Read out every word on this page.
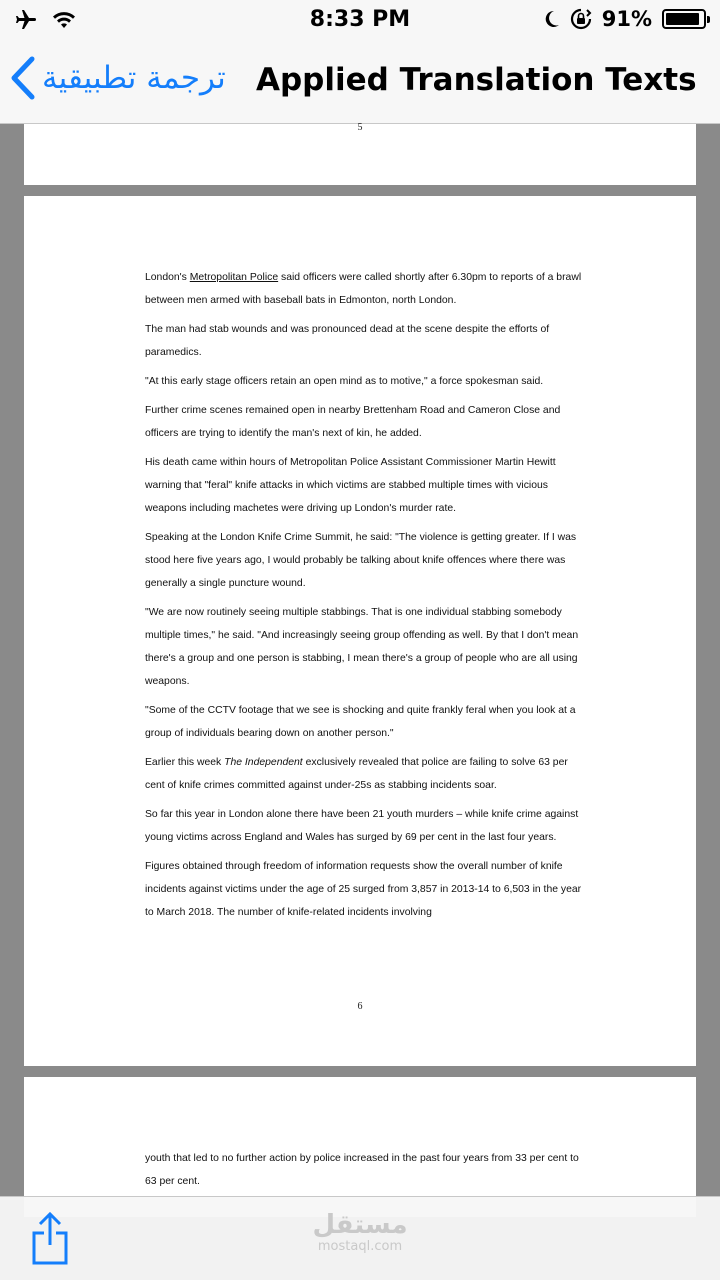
8:33 PM	91%
ترجمة تطبيقية Applied Translation Texts
5

London's Metropolitan Police said officers were called shortly after 6.30pm to reports of a brawl between men armed with baseball bats in Edmonton, north London.

The man had stab wounds and was pronounced dead at the scene despite the efforts of paramedics.

"At this early stage officers retain an open mind as to motive," a force spokesman said.

Further crime scenes remained open in nearby Brettenham Road and Cameron Close and officers are trying to identify the man's next of kin, he added.

His death came within hours of Metropolitan Police Assistant Commissioner Martin Hewitt warning that "feral" knife attacks in which victims are stabbed multiple times with vicious weapons including machetes were driving up London's murder rate.

Speaking at the London Knife Crime Summit, he said: "The violence is getting greater. If I was stood here five years ago, I would probably be talking about knife offences where there was generally a single puncture wound.

"We are now routinely seeing multiple stabbings. That is one individual stabbing somebody multiple times," he said. "And increasingly seeing group offending as well. By that I don't mean there's a group and one person is stabbing, I mean there's a group of people who are all using weapons.

"Some of the CCTV footage that we see is shocking and quite frankly feral when you look at a group of individuals bearing down on another person."

Earlier this week The Independent exclusively revealed that police are failing to solve 63 per cent of knife crimes committed against under-25s as stabbing incidents soar.

So far this year in London alone there have been 21 youth murders – while knife crime against young victims across England and Wales has surged by 69 per cent in the last four years.

Figures obtained through freedom of information requests show the overall number of knife incidents against victims under the age of 25 surged from 3,857 in 2013-14 to 6,503 in the year to March 2018. The number of knife-related incidents involving

6

youth that led to no further action by police increased in the past four years from 33 per cent to 63 per cent.

مستقل
mostaql.com
